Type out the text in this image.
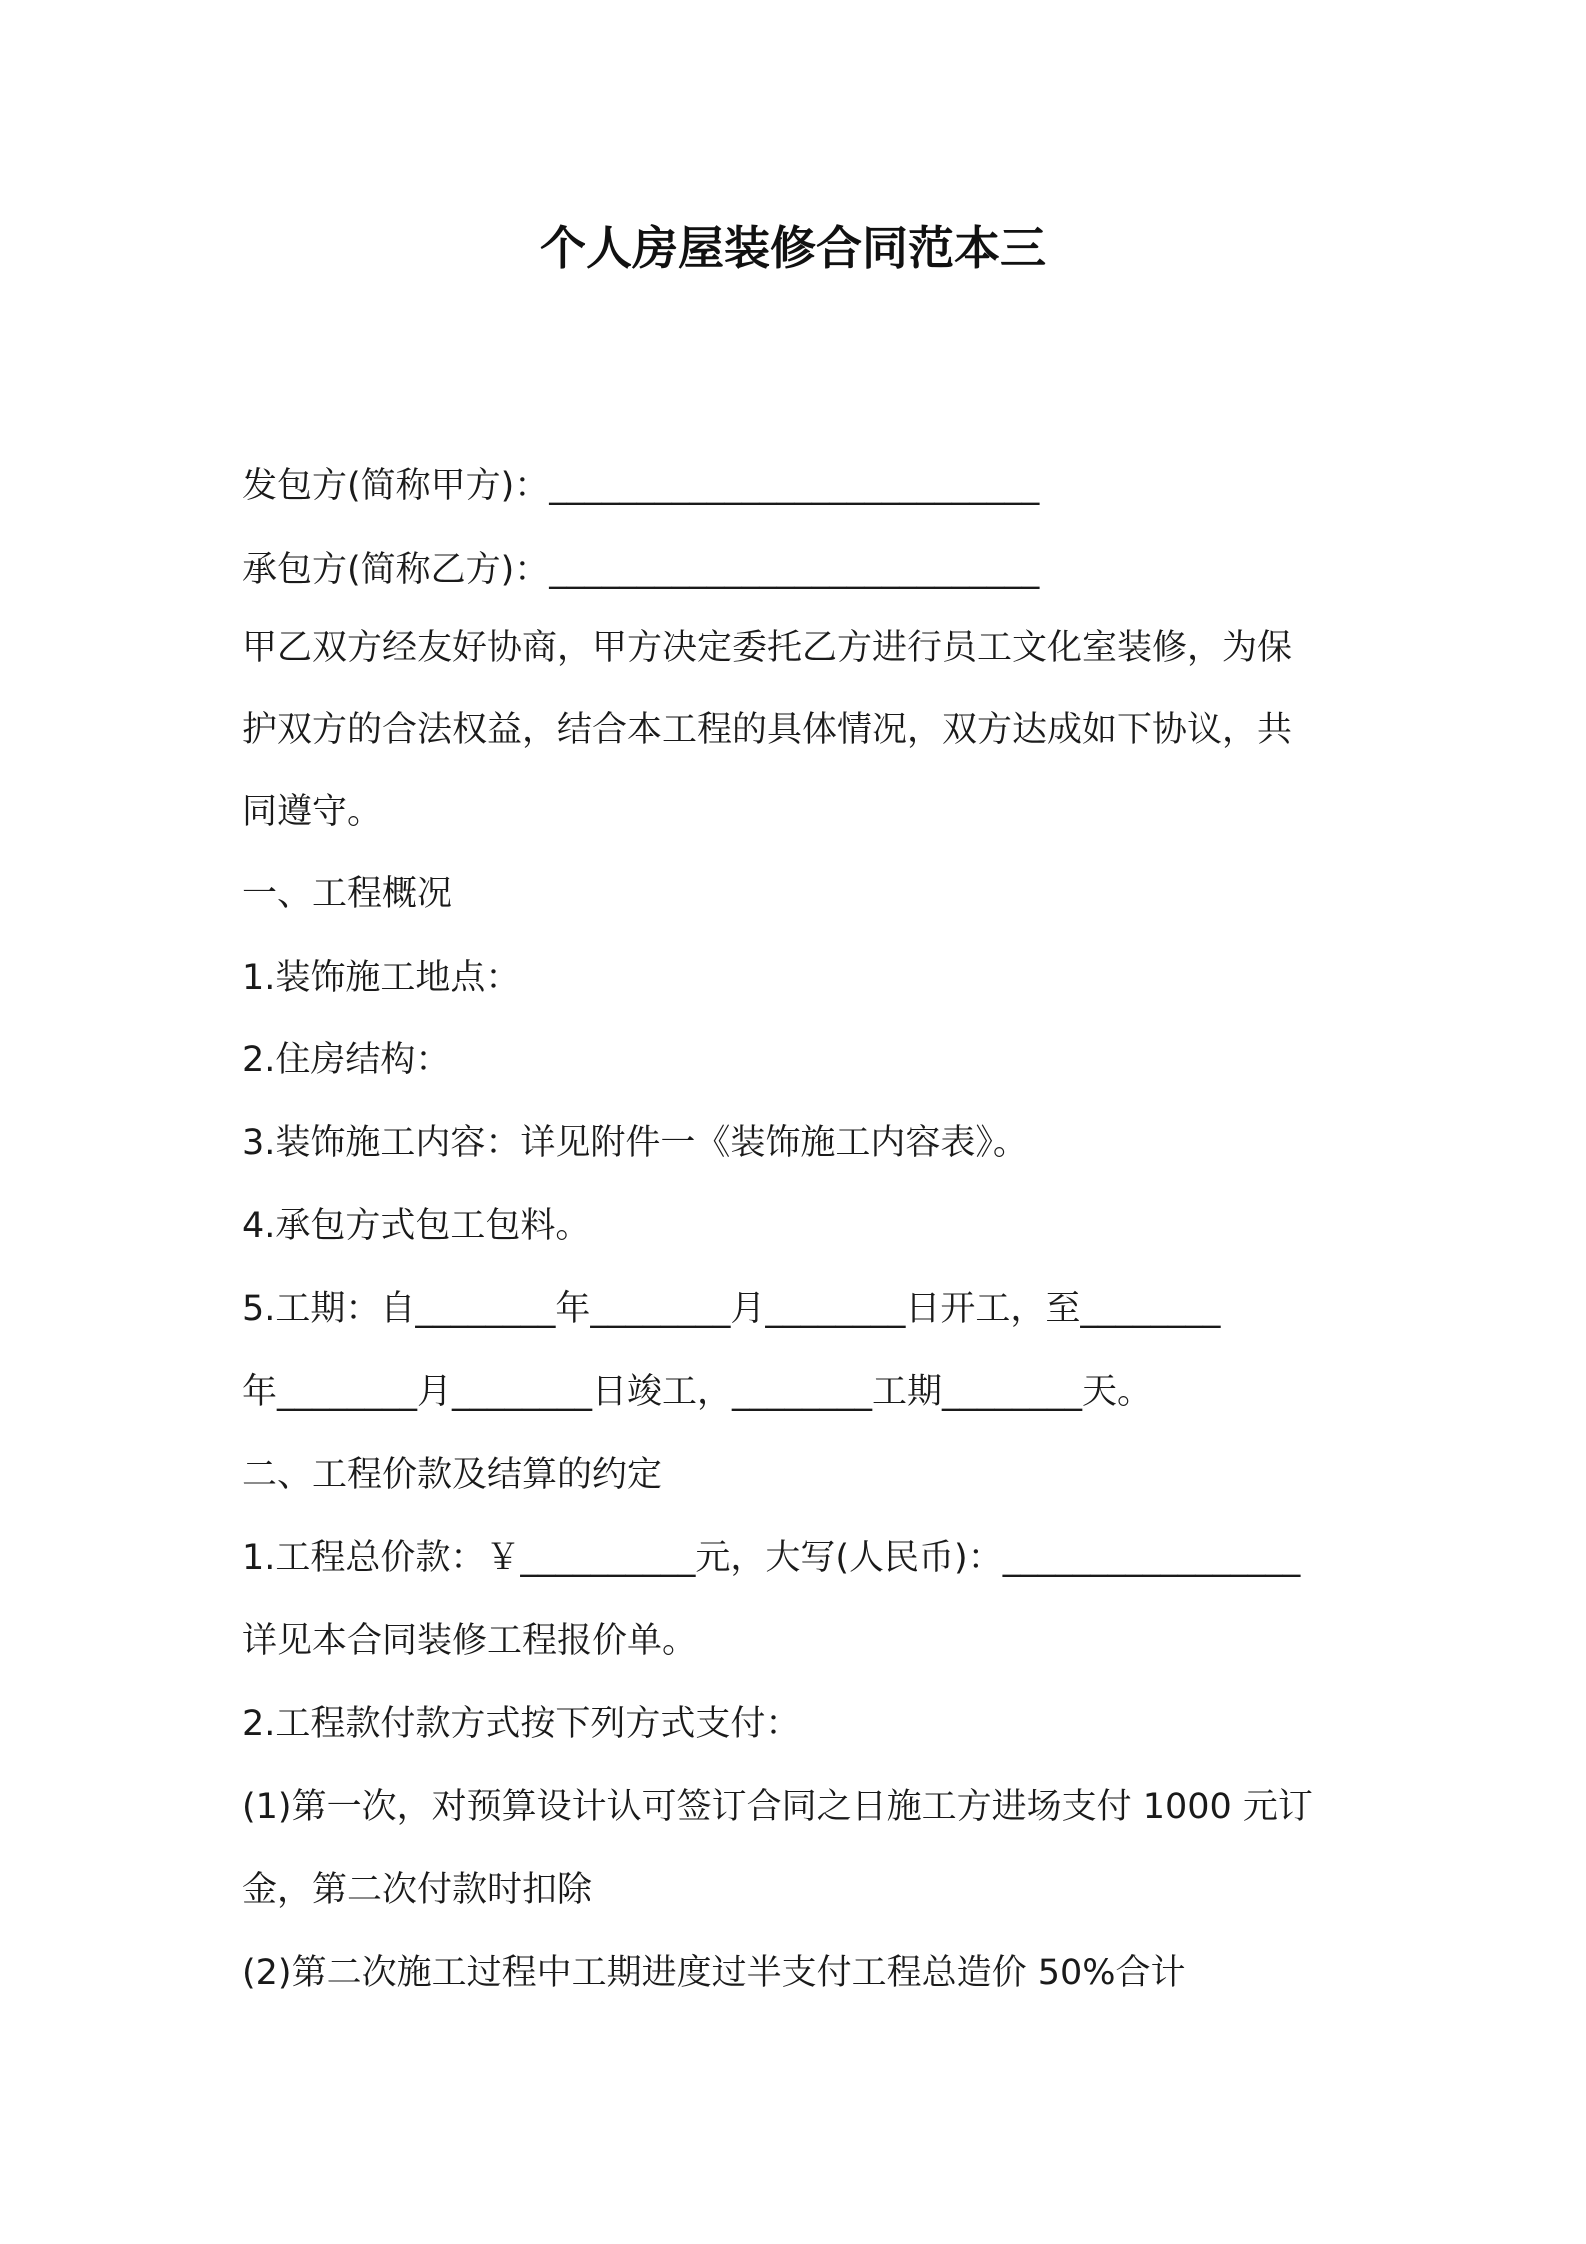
个人房屋装修合同范本三
发包方(简称甲方)：____________________________
承包方(简称乙方)：____________________________
甲乙双方经友好协商，甲方决定委托乙方进行员工文化室装修，为保
护双方的合法权益，结合本工程的具体情况，双方达成如下协议，共
同遵守。
一、工程概况
1.装饰施工地点：
2.住房结构：
3.装饰施工内容：详见附件一《装饰施工内容表》。
4.承包方式包工包料。
5.工期：自________年________月________日开工，至________
年________月________日竣工，________工期________天。
二、工程价款及结算的约定
1.工程总价款：￥__________元，大写(人民币)：_________________
详见本合同装修工程报价单。
2.工程款付款方式按下列方式支付：
(1)第一次，对预算设计认可签订合同之日施工方进场支付 1000 元订
金，第二次付款时扣除
(2)第二次施工过程中工期进度过半支付工程总造价 50%合计
